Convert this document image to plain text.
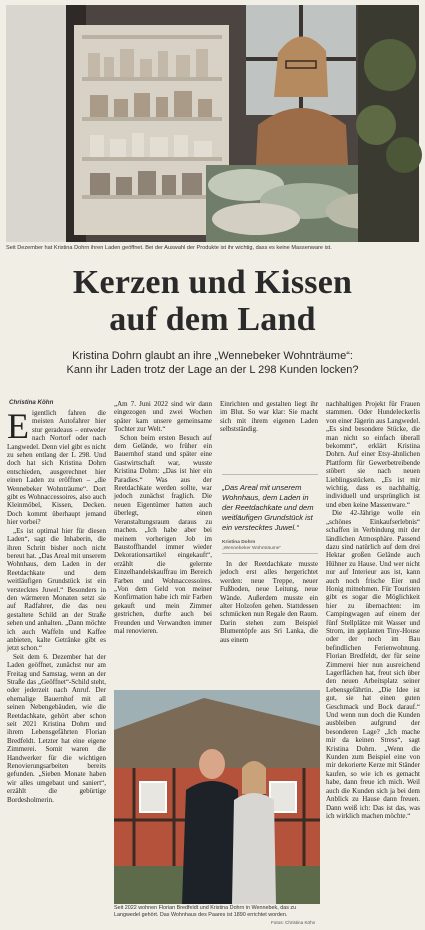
Seit Dezember hat Kristina Dohrn ihren Laden geöffnet. Bei der Auswahl der Produkte ist ihr wichtig, dass es keine Massenware ist.
Kerzen und Kissen
auf dem Land
Kristina Dohrn glaubt an ihre „Wennebeker Wohnträume“:
Kann ihr Laden trotz der Lage an der L 298 Kunden locken?
Christina Köhn
E igentlich fahren die meisten Autofahrer hier stur geradeaus – entweder nach Nortorf oder nach Langwedel. Denn viel gibt es nicht zu sehen entlang der L 298. Und doch hat sich Kristina Dohrn entschieden, ausgerechnet hier einen Laden zu eröffnen – „die Wennebeker Wohnträume“. Dort gibt es Wohnaccessoires, also auch Kleinmöbel, Kissen, Decken. Doch kommt überhaupt jemand hier vorbei?

„Es ist optimal hier für diesen Laden“, sagt die Inhaberin, die ihren Schritt bisher noch nicht bereut hat. „Das Areal mit unserem Wohnhaus, dem Laden in der Reetdachkate und dem weitläufigen Grundstück ist ein verstecktes Juwel.“ Besonders in den wärmeren Monaten setzt sie auf Radfahrer, die das neu gestaltete Schild an der Straße sehen und anhalten. „Dann möchte ich auch Waffeln und Kaffee anbieten, kalte Getränke gibt es jetzt schon.“

Seit dem 6. Dezember hat der Laden geöffnet, zunächst nur am Freitag und Samstag, wenn an der Straße das „Geöffnet“-Schild steht, oder jederzeit nach Anruf. Der ehemalige Bauernhof mit all seinen Nebengebäuden, wie die Reetdachkate, gehört aber schon seit 2021 Kristina Dohrn und ihrem Lebensgefährten Florian Bredfeldt. Letzter hat eine eigene Zimmerei. Somit waren die Handwerker für die wichtigen Renovierungsarbeiten bereits gefunden. „Sieben Monate haben wir alles umgebaut und saniert“, erzählt die gebürtige Bordesholmerin.

„Am 7. Juni 2022 sind wir dann eingezogen und zwei Wochen später kam unsere gemeinsame Tochter zur Welt.“

Schon beim ersten Besuch auf dem Gelände, wo früher ein Bauernhof stand und später eine Gastwirtschaft war, wusste Kristina Dohrn: „Das ist hier ein Paradies.“ Was aus der Reetdachkate werden sollte, war jedoch zunächst fraglich. Die neuen Eigentümer hatten auch überlegt, einen Veranstaltungsraum daraus zu machen. „Ich habe aber bei meinem vorherigen Job im Baustoffhandel immer wieder Dekorationsartikel eingekauft“, erzählt die gelernte Einzelhandelskauffrau im Bereich Farben und Wohnaccessoires. „Von dem Geld von meiner Konfirmation habe ich mir Farben gekauft und mein Zimmer gestrichen, durfte auch bei Freunden und Verwandten immer mal renovieren.

Einrichten und gestalten liegt ihr im Blut. So war klar: Sie macht sich mit ihrem eigenen Laden selbstständig.

„Das Areal mit unserem Wohnhaus, dem Laden in der Reetdachkate und dem weitläufigen Grundstück ist ein verstecktes Juwel.“
Kristina Dohrn
„Wennebeker Wohnträume“

In der Reetdachkate musste jedoch erst alles hergerichtet werden: neue Treppe, neuer Fußboden, neue Leitung, neue Wände. Außerdem musste ein alter Holzofen gehen. Stattdessen schmücken nun Regale den Raum. Darin stehen zum Beispiel Blumentöpfe aus Sri Lanka, die aus einem

nachhaltigen Projekt für Frauen stammen. Oder Hundeleckerlis von einer Jägerin aus Langwedel. „Es sind besondere Stücke, die man nicht so einfach überall bekommt“, erklärt Kristina Dohrn. Auf einer Etsy-ähnlichen Plattform für Gewerbetreibende stöbert sie nach neuen Lieblingsstücken. „Es ist mir wichtig, dass es nachhaltig, individuell und ursprünglich ist und eben keine Massenware.“

Die 42-Jährige wolle ein „schönes Einkaufserlebnis“ schaffen in Verbindung mit der ländlichen Atmosphäre. Passend dazu sind natürlich auf dem drei Hektar großen Gelände auch Hühner zu Hause. Und wer nicht nur auf Interieur aus ist, kann auch noch frische Eier und Honig mitnehmen. Für Touristen gibt es sogar die Möglichkeit hier zu übernachten: im Campingwagen auf einem der fünf Stellplätze mit Wasser und Strom, im geplanten Tiny-House oder der noch im Bau befindlichen Ferienwohnung. Florian Bredfeldt, der für seine Zimmerei hier nun ausreichend Lagerflächen hat, freut sich über den neuen Arbeitsplatz seiner Lebensgefährtin. „Die Idee ist gut, sie hat einen guten Geschmack und Bock darauf.“ Und wenn nun doch die Kunden ausbleiben aufgrund der besonderen Lage? „Ich mache mir da keinen Stress“, sagt Kristina Dohrn. „Wenn die Kunden zum Beispiel eine von mir dekorierte Kerze mit Ständer kaufen, so wie ich es gemacht habe, dann freue ich mich. Weil auch die Kunden sich ja bei dem Anblick zu Hause dann freuen. Dann weiß ich: Das ist das, was ich wirklich machen möchte.“

Seit 2022 wohnen Florian Bredfeldt und Kristina Dohrn in Wennebek, das zu Langwedel gehört. Das Wohnhaus des Paares ist 1890 errichtet worden.
Fotos: Christina Köhn
